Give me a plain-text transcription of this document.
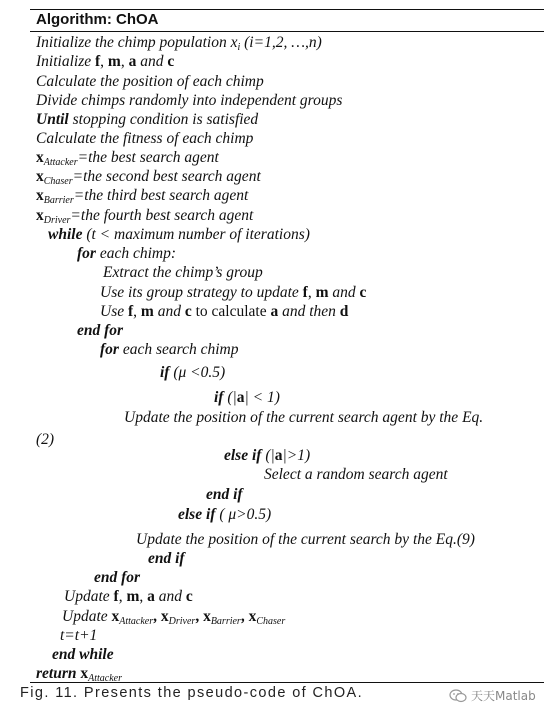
Algorithm: ChOA
Initialize the chimp population $x_i$ (i=1,2, …,n)
Initialize f, m, a and c
Calculate the position of each chimp
Divide chimps randomly into independent groups
Until stopping condition is satisfied
Calculate the fitness of each chimp
$x_{Attacker}=the$ best search agent
$x_{Chaser}=the$ second best search agent
$x_{Barrier}=the$ third best search agent
$x_{Driver}=the$ fourth best search agent
while (t < maximum number of iterations)
for each chimp:
Extract the chimp’s group
Use its group strategy to update f, m and c
Use f, m and c to calculate a and then d
end for
for each search chimp
if (μ <0.5)
if (|a| < 1)
Update the position of the current search agent by the Eq.
(2)
else if (|a|>1)
Select a random search agent
end if
else if ( μ>0.5)
Update the position of the current search by the Eq.(9)
end if
end for
Update f, m, a and c
Update $x_{Attacker}$, $x_{Driver}$, $x_{Barrier}$, $x_{Chaser}$
t=t+1
end while
return $x_{Attacker}$
Fig. 11. Presents the pseudo-code of ChOA.	天天Matlab
